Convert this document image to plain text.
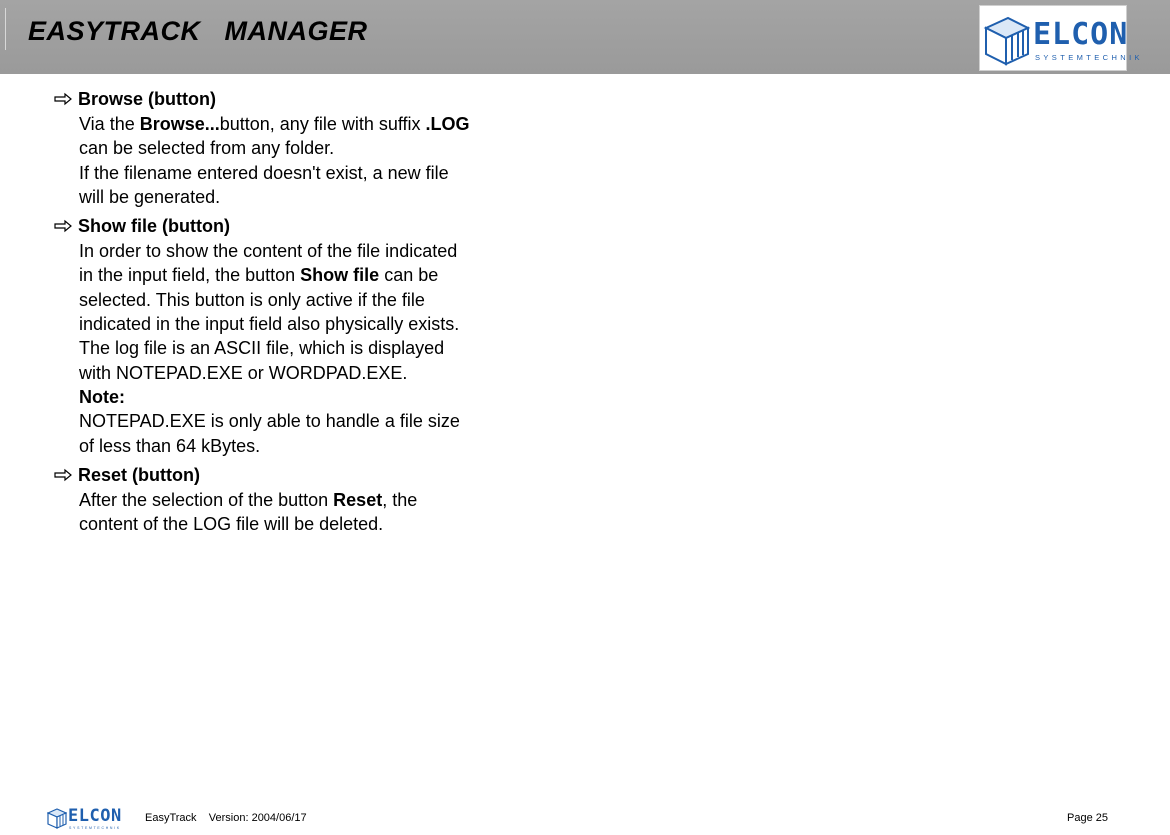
EASYTRACK   MANAGER	ELCON
SYSTEMTECHNIK
Browse (button)
Via the Browse...button, any file with suffix .LOG
can be selected from any folder.
If the filename entered doesn't exist, a new file
will be generated.
Show file (button)
In order to show the content of the file indicated
in the input field, the button Show file can be
selected. This button is only active if the file
indicated in the input field also physically exists.
The log file is an ASCII file, which is displayed
with NOTEPAD.EXE or WORDPAD.EXE.
Note:
NOTEPAD.EXE is only able to handle a file size
of less than 64 kBytes.
Reset (button)
After the selection of the button Reset, the
content of the LOG file will be deleted.
ELCON
SYSTEMTECHNIK
EasyTrack    Version: 2004/06/17	Page 25
